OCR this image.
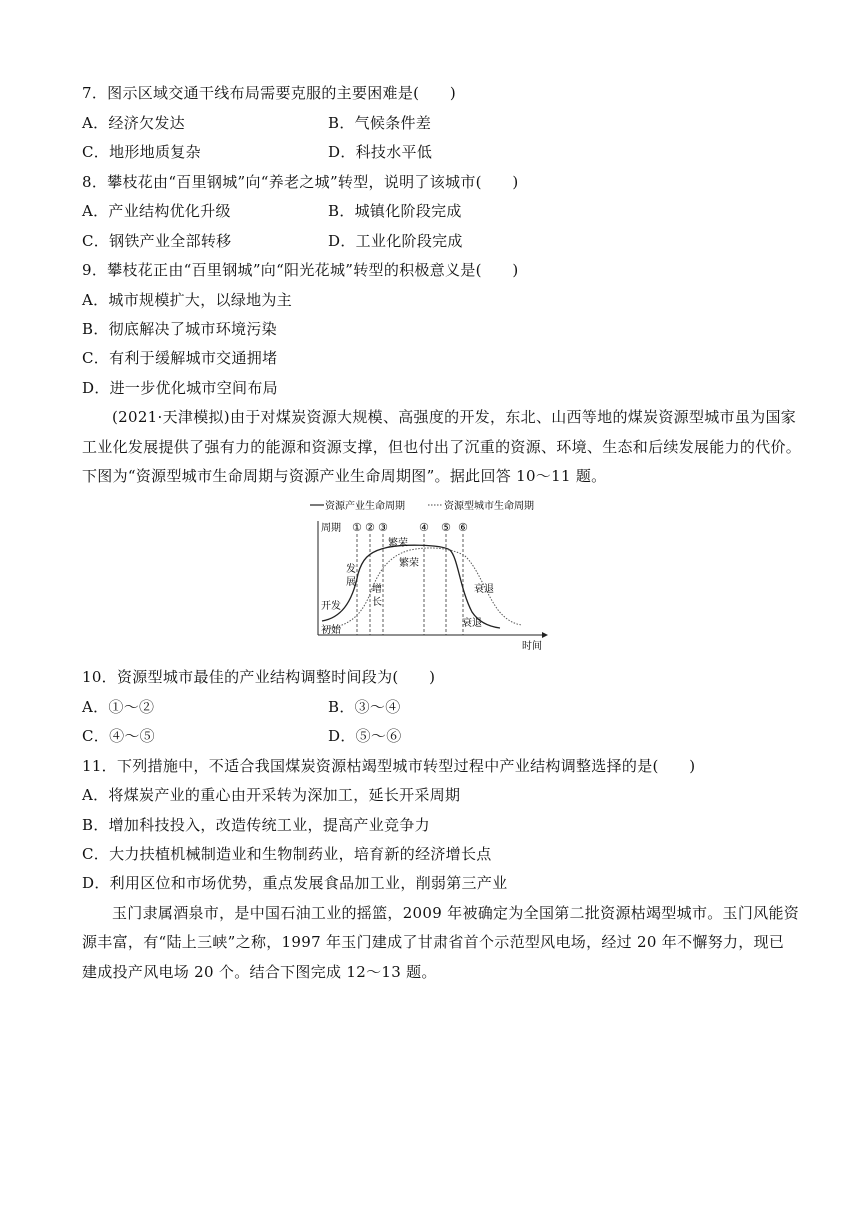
7．图示区域交通干线布局需要克服的主要困难是(　　)
A．经济欠发达	B．气候条件差
C．地形地质复杂	D．科技水平低
8．攀枝花由“百里钢城”向“养老之城”转型，说明了该城市(　　)
A．产业结构优化升级	B．城镇化阶段完成
C．钢铁产业全部转移	D．工业化阶段完成
9．攀枝花正由“百里钢城”向“阳光花城”转型的积极意义是(　　)
A．城市规模扩大，以绿地为主
B．彻底解决了城市环境污染
C．有利于缓解城市交通拥堵
D．进一步优化城市空间布局
(2021·天津模拟)由于对煤炭资源大规模、高强度的开发，东北、山西等地的煤炭资源型城市虽为国家
工业化发展提供了强有力的能源和资源支撑，但也付出了沉重的资源、环境、生态和后续发展能力的代价。
下图为“资源型城市生命周期与资源产业生命周期图”。据此回答 10～11 题。
资源产业生命周期	资源型城市生命周期
周期
时间
① ② ③	④ ⑤ ⑥
开发
初始
发
展
增
长
繁荣
繁荣
衰退
衰退
10．资源型城市最佳的产业结构调整时间段为(　　)
A．①～②	B．③～④
C．④～⑤	D．⑤～⑥
11．下列措施中，不适合我国煤炭资源枯竭型城市转型过程中产业结构调整选择的是(　　)
A．将煤炭产业的重心由开采转为深加工，延长开采周期
B．增加科技投入，改造传统工业，提高产业竞争力
C．大力扶植机械制造业和生物制药业，培育新的经济增长点
D．利用区位和市场优势，重点发展食品加工业，削弱第三产业
玉门隶属酒泉市，是中国石油工业的摇篮，2009 年被确定为全国第二批资源枯竭型城市。玉门风能资
源丰富，有“陆上三峡”之称，1997 年玉门建成了甘肃省首个示范型风电场，经过 20 年不懈努力，现已
建成投产风电场 20 个。结合下图完成 12～13 题。
